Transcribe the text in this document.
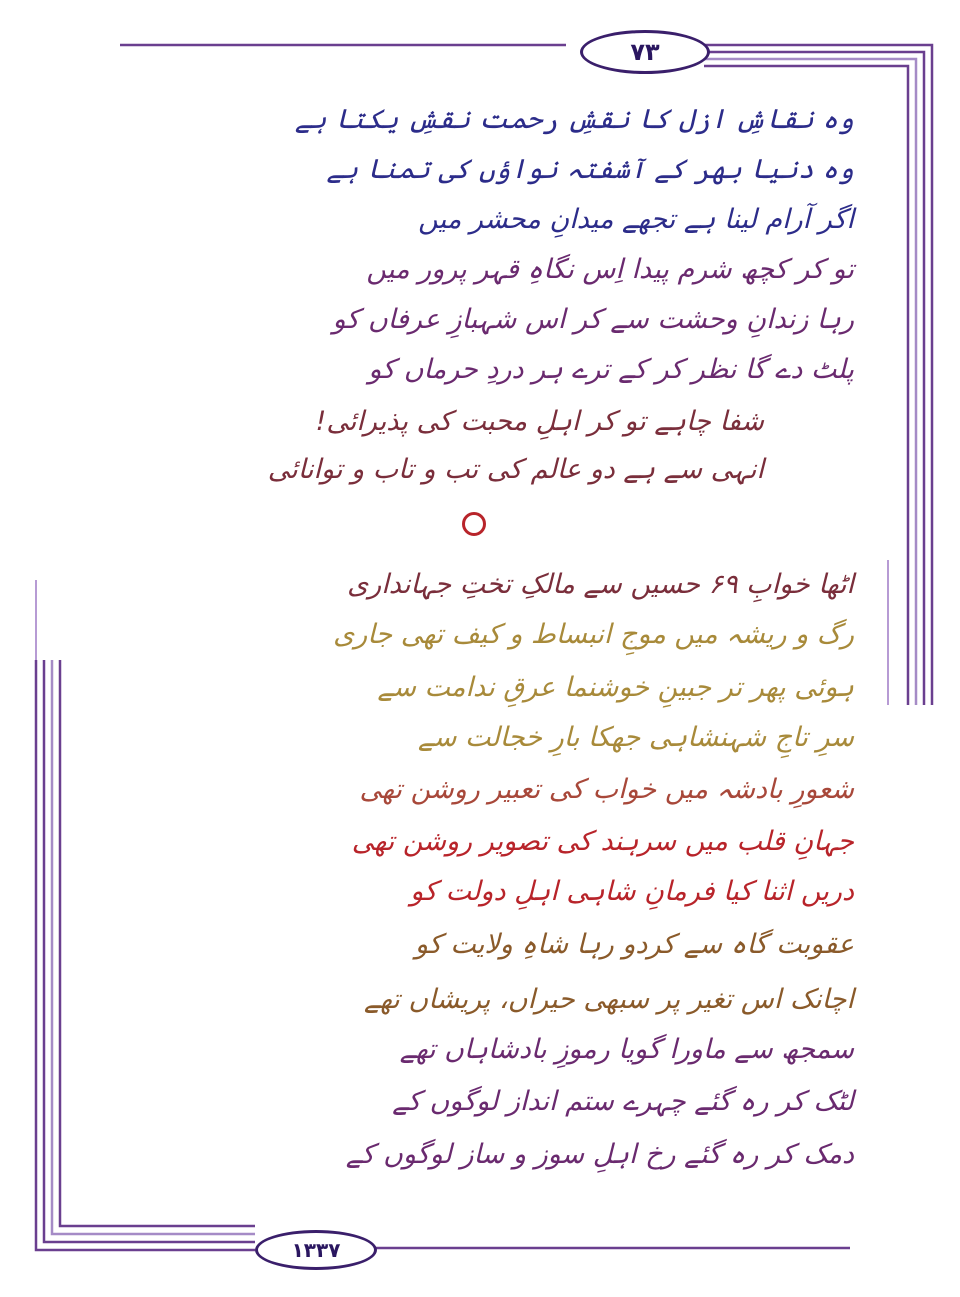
۷۳
وہ نقاشِ ازل کا نقشِ رحمت نقشِ یکتا ہے
وہ دنیا بھر کے آشفتہ نواؤں کی تمنا ہے
اگر آرام لینا ہے تجھے میدانِ محشر میں
تو کر کچھ شرم پیدا اِس نگاہِ قہر پرور میں
رہا زندانِ وحشت سے کر اس شہبازِ عرفاں کو
پلٹ دے گا نظر کر کے ترے ہر دردِ حرماں کو
شفا چاہے تو کر اہلِ محبت کی پذیرائی!
انہی سے ہے دو عالم کی تب و تاب و توانائی
اٹھا خوابِ ۶۹ حسیں سے مالکِ تختِ جہانداری
رگ و ریشہ میں موجِ انبساط و کیف تھی جاری
ہوئی پھر تر جبینِ خوشنما عرقِ ندامت سے
سرِ تاجِ شہنشاہی جھکا بارِ خجالت سے
شعورِ بادشہ میں خواب کی تعبیر روشن تھی
جہانِ قلب میں سرہند کی تصویر روشن تھی
دریں اثنا کیا فرمانِ شاہی اہلِ دولت کو
عقوبت گاہ سے کردو رہا شاہِ ولایت کو
اچانک اس تغیر پر سبھی حیراں، پریشاں تھے
سمجھ سے ماورا گویا رموزِ بادشاہاں تھے
لٹک کر رہ گئے چہرے ستم انداز لوگوں کے
دمک کر رہ گئے رخ اہلِ سوز و ساز لوگوں کے
۱۳۳۷
